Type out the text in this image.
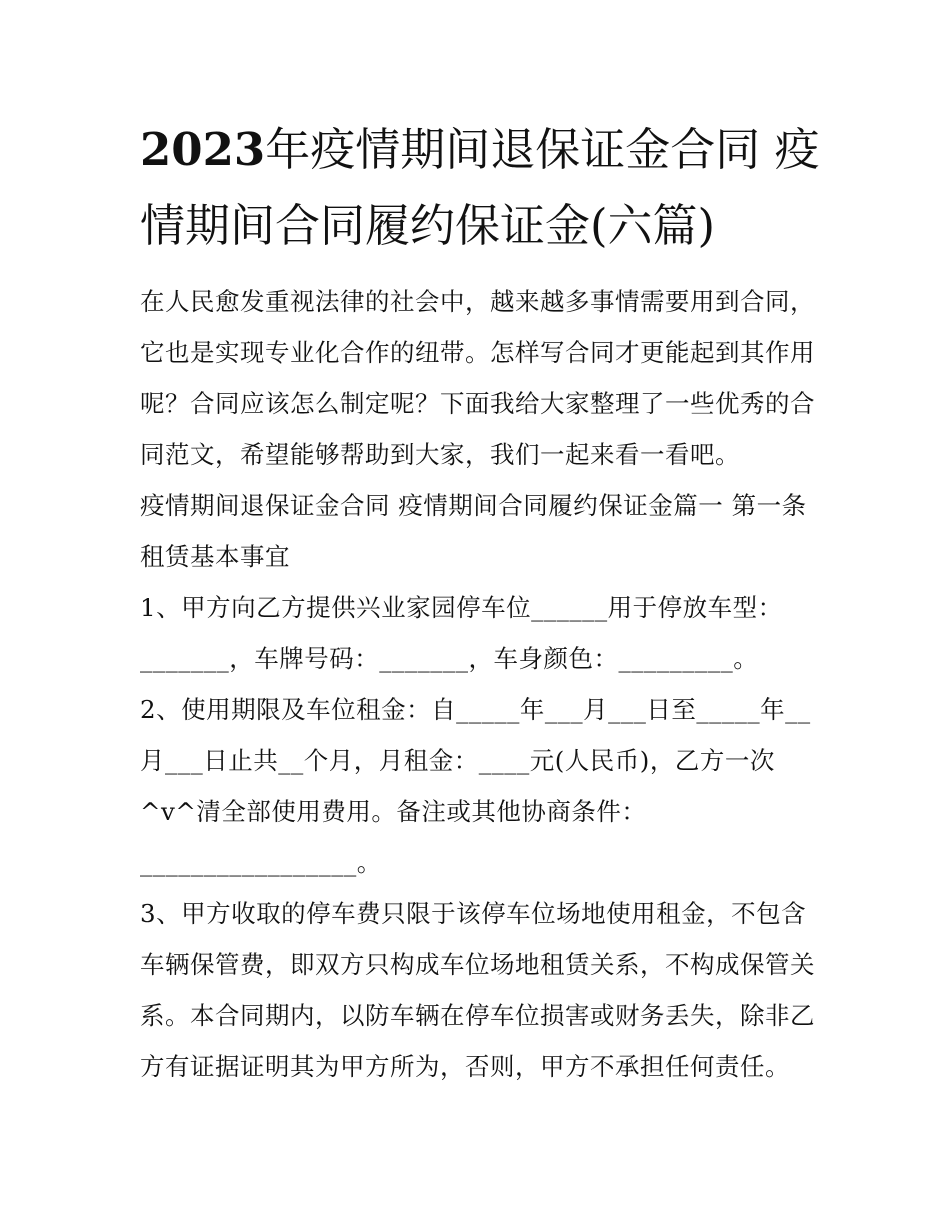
2023年疫情期间退保证金合同 疫情期间合同履约保证金(六篇)

在人民愈发重视法律的社会中，越来越多事情需要用到合同，它也是实现专业化合作的纽带。怎样写合同才更能起到其作用呢？合同应该怎么制定呢？下面我给大家整理了一些优秀的合同范文，希望能够帮助到大家，我们一起来看一看吧。

疫情期间退保证金合同 疫情期间合同履约保证金篇一 第一条 租赁基本事宜

1、甲方向乙方提供兴业家园停车位______用于停放车型：_______，车牌号码：_______，车身颜色：_________。

2、使用期限及车位租金：自_____年___月___日至_____年__月___日止共__个月，月租金：____元(人民币)，乙方一次^v^清全部使用费用。备注或其他协商条件：_________________。

3、甲方收取的停车费只限于该停车位场地使用租金，不包含车辆保管费，即双方只构成车位场地租赁关系，不构成保管关系。本合同期内，以防车辆在停车位损害或财务丢失，除非乙方有证据证明其为甲方所为，否则，甲方不承担任何责任。
